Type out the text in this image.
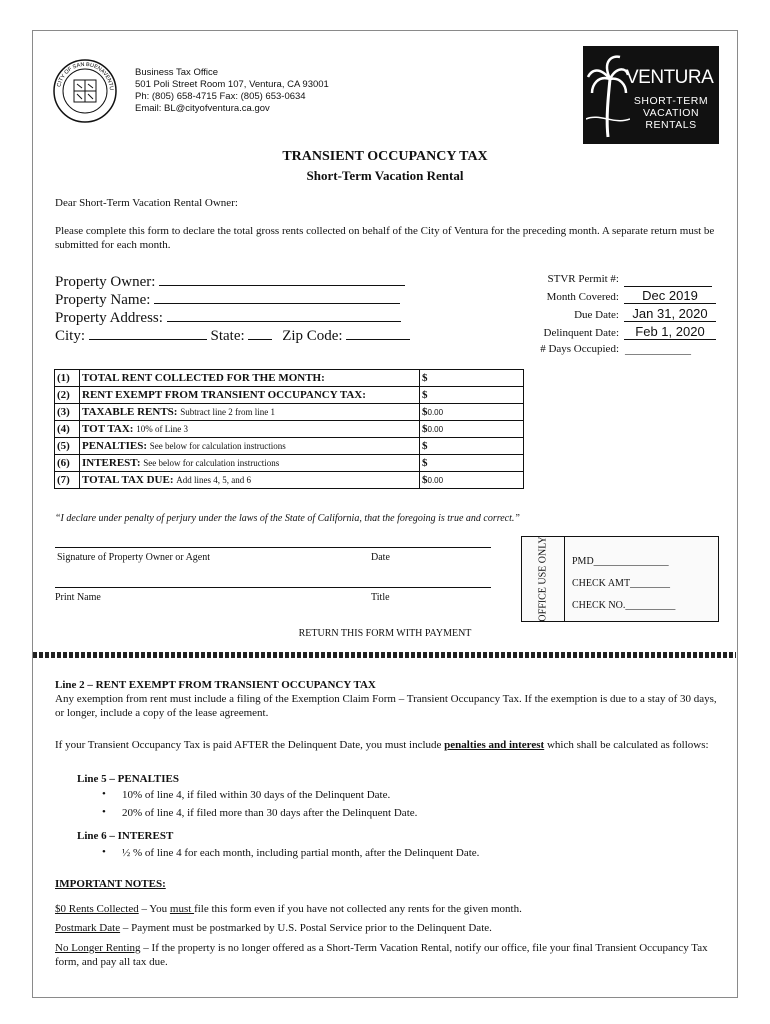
CITY OF SAN BUENAVENTU
Business Tax Office
501 Poli Street Room 107, Ventura, CA 93001
Ph: (805) 658-4715 Fax: (805) 653-0634
Email: BL@cityofventura.ca.gov
VENTURA
SHORT-TERM
VACATION
RENTALS
TRANSIENT OCCUPANCY TAX
Short-Term Vacation Rental
Dear Short-Term Vacation Rental Owner:
Please complete this form to declare the total gross rents collected on behalf of the City of Ventura for the preceding month. A separate return must be submitted for each month.
Property Owner:
Property Name:
Property Address:
City:	State:	Zip Code:
STVR Permit #:
Month Covered:	Dec 2019
Due Date:	Jan 31, 2020
Delinquent Date:	Feb 1, 2020
# Days Occupied: ____________
(1)	TOTAL RENT COLLECTED FOR THE MONTH:	$
(2)	RENT EXEMPT FROM TRANSIENT OCCUPANCY TAX:	$
(3)	TAXABLE RENTS: Subtract line 2 from line 1	$0.00
(4)	TOT TAX: 10% of Line 3	$0.00
(5)	PENALTIES: See below for calculation instructions	$
(6)	INTEREST: See below for calculation instructions	$
(7)	TOTAL TAX DUE: Add lines 4, 5, and 6	$0.00
“I declare under penalty of perjury under the laws of the State of California, that the foregoing is true and correct.”
Signature of Property Owner or Agent	Date
Print Name	Title	OFFICE USE ONLY PMD_______________
CHECK AMT________
CHECK NO.__________
RETURN THIS FORM WITH PAYMENT
Line 2 – RENT EXEMPT FROM TRANSIENT OCCUPANCY TAX
Any exemption from rent must include a filing of the Exemption Claim Form – Transient Occupancy Tax. If the exemption is due to a stay of 30 days, or longer, include a copy of the lease agreement.
If your Transient Occupancy Tax is paid AFTER the Delinquent Date, you must include penalties and interest which shall be calculated as follows:
Line 5 – PENALTIES
• 10% of line 4, if filed within 30 days of the Delinquent Date.
• 20% of line 4, if filed more than 30 days after the Delinquent Date.
Line 6 – INTEREST
• ½ % of line 4 for each month, including partial month, after the Delinquent Date.
IMPORTANT NOTES:
$0 Rents Collected – You must file this form even if you have not collected any rents for the given month.
Postmark Date – Payment must be postmarked by U.S. Postal Service prior to the Delinquent Date.
No Longer Renting – If the property is no longer offered as a Short-Term Vacation Rental, notify our office, file your final Transient Occupancy Tax form, and pay all tax due.
